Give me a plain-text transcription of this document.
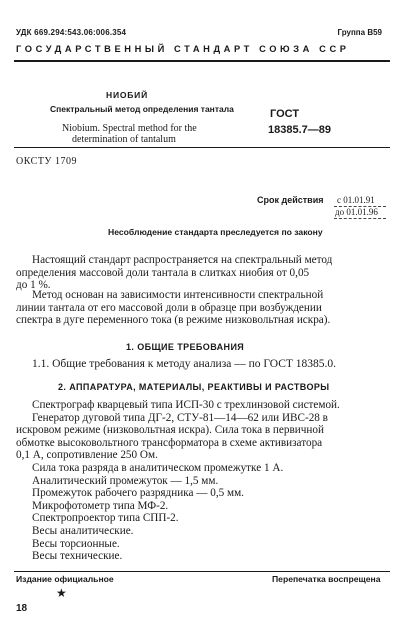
УДК 669.294:543.06:006.354	Группа В59
ГОСУДАРСТВЕННЫЙ СТАНДАРТ СОЮЗА ССР
НИОБИЙ
Спектральный метод определения тантала
Niobium. Spectral method for the
determination of tantalum
ГОСТ
18385.7—89
ОКСТУ 1709
Срок действия с 01.01.91
до 01.01.96
Несоблюдение стандарта преследуется по закону
Настоящий стандарт распространяется на спектральный метод
определения массовой доли тантала в слитках ниобия от 0,05
до 1 %.
Метод основан на зависимости интенсивности спектральной
линии тантала от его массовой доли в образце при возбуждении
спектра в дуге переменного тока (в режиме низковольтная искра).
1. ОБЩИЕ ТРЕБОВАНИЯ
1.1. Общие требования к методу анализа — по ГОСТ 18385.0.
2. АППАРАТУРА, МАТЕРИАЛЫ, РЕАКТИВЫ И РАСТВОРЫ
Спектрограф кварцевый типа ИСП-30 с трехлинзовой системой.
Генератор дуговой типа ДГ-2, СТУ-81—14—62 или ИВС-28 в
искровом режиме (низковольтная искра). Сила тока в первичной
обмотке высоковольтного трансформатора в схеме активизатора
0,1 А, сопротивление 250 Ом.
Сила тока разряда в аналитическом промежутке 1 А.
Аналитический промежуток — 1,5 мм.
Промежуток рабочего разрядника — 0,5 мм.
Микрофотометр типа МФ-2.
Спектропроектор типа СПП-2.
Весы аналитические.
Весы торсионные.
Весы технические.
Издание официальное	Перепечатка воспрещена
★
18
